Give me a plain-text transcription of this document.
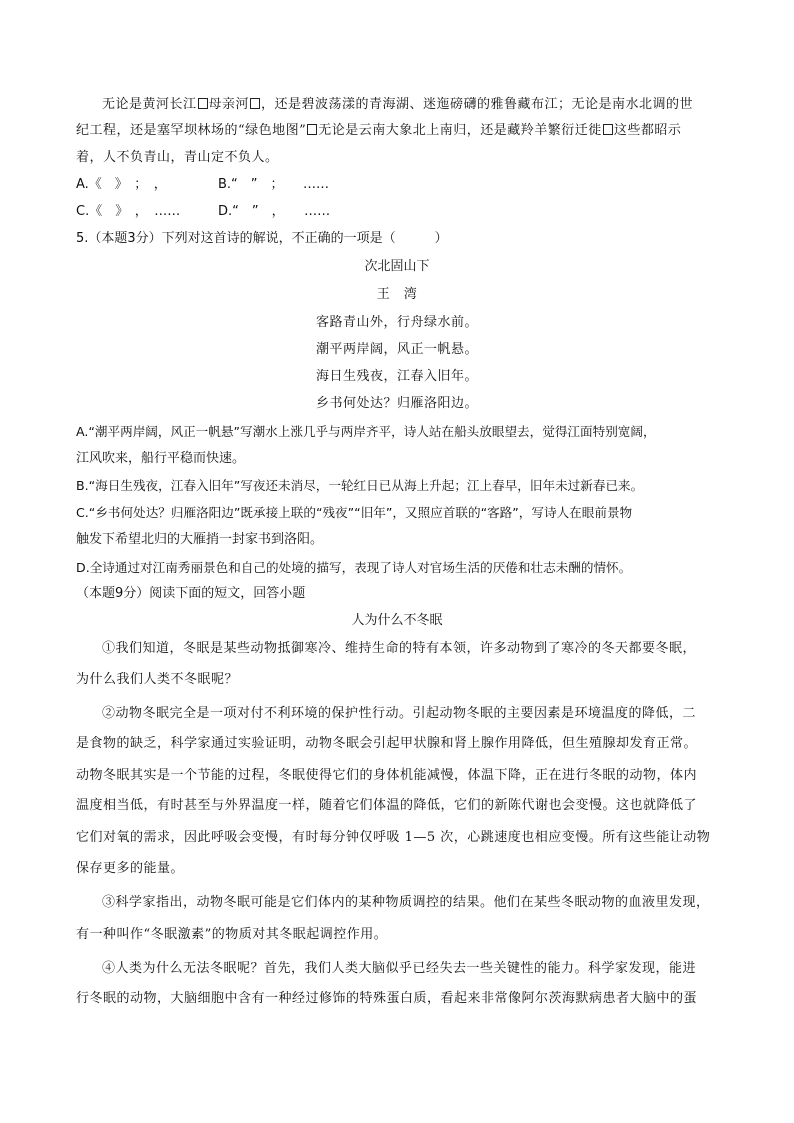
无论是黄河长江 母亲河 ，还是碧波荡漾的青海湖、迷迤磅礴的雅鲁藏布江；无论是南水北调的世
纪工程，还是塞罕坝林场的“绿色地图” 无论是云南大象北上南归，还是藏羚羊繁衍迁徙 这些都昭示
着，人不负青山，青山定不负人。
A.《　》　；　，	B.“　”　；　　……
C.《　》　，　……	D.“　”　，　　……
5.（本题3分）下列对这首诗的解说，不正确的一项是（　　　）
次北固山下
王　湾
客路青山外，行舟绿水前。
潮平两岸阔，风正一帆悬。
海日生残夜，江春入旧年。
乡书何处达？归雁洛阳边。
A.“潮平两岸阔，风正一帆悬”写潮水上涨几乎与两岸齐平，诗人站在船头放眼望去，觉得江面特别宽阔，
江风吹来，船行平稳而快速。
B.“海日生残夜，江春入旧年”写夜还未消尽，一轮红日已从海上升起；江上春早，旧年未过新春已来。
C.“乡书何处达？归雁洛阳边”既承接上联的“残夜”“旧年”，又照应首联的“客路”，写诗人在眼前景物
触发下希望北归的大雁捎一封家书到洛阳。
D.全诗通过对江南秀丽景色和自己的处境的描写，表现了诗人对官场生活的厌倦和壮志未酬的情怀。
（本题9分）阅读下面的短文，回答小题
人为什么不冬眠
①我们知道，冬眠是某些动物抵御寒冷、维持生命的特有本领，许多动物到了寒冷的冬天都要冬眠，
为什么我们人类不冬眠呢？
②动物冬眠完全是一项对付不利环境的保护性行动。引起动物冬眠的主要因素是环境温度的降低，二
是食物的缺乏，科学家通过实验证明，动物冬眠会引起甲状腺和肾上腺作用降低，但生殖腺却发育正常。
动物冬眠其实是一个节能的过程，冬眠使得它们的身体机能减慢，体温下降，正在进行冬眠的动物，体内
温度相当低，有时甚至与外界温度一样，随着它们体温的降低，它们的新陈代谢也会变慢。这也就降低了
它们对氧的需求，因此呼吸会变慢，有时每分钟仅呼吸 1—5 次，心跳速度也相应变慢。所有这些能让动物
保存更多的能量。
③科学家指出，动物冬眠可能是它们体内的某种物质调控的结果。他们在某些冬眠动物的血液里发现，
有一种叫作“冬眠激素”的物质对其冬眠起调控作用。
④人类为什么无法冬眠呢？首先，我们人类大脑似乎已经失去一些关键性的能力。科学家发现，能进
行冬眠的动物，大脑细胞中含有一种经过修饰的特殊蛋白质，看起来非常像阿尔茨海默病患者大脑中的蛋
